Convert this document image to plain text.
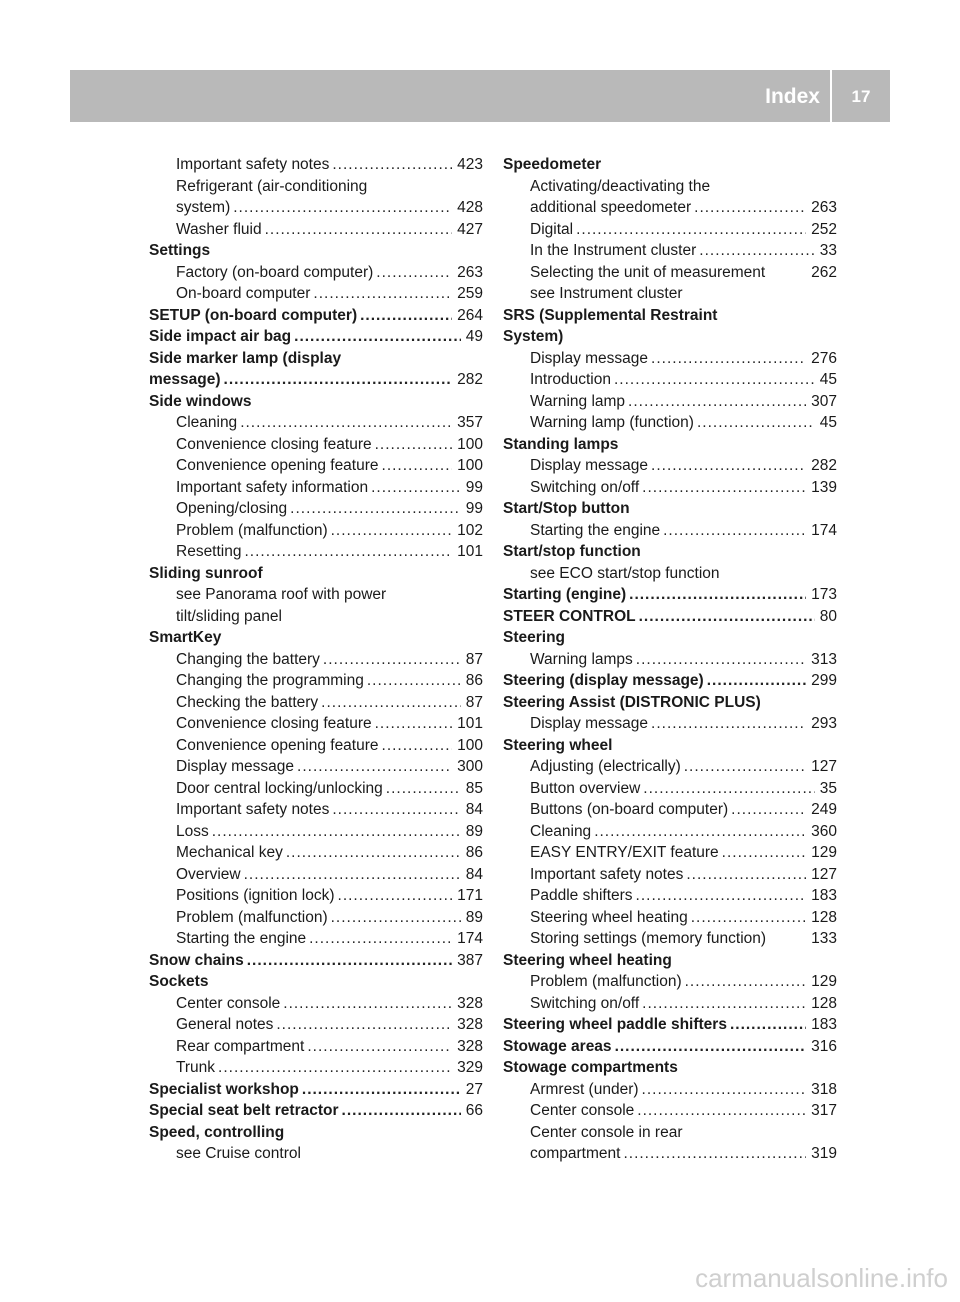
Index	17
Important safety notes .....	423
Refrigerant (air-conditioning
system) .....	428
Washer fluid .....	427
Settings
Factory (on-board computer) .....	263
On-board computer .....	259
SETUP (on-board computer) .....	264
Side impact air bag .....	49
Side marker lamp (display
message) .....	282
Side windows
Cleaning .....	357
Convenience closing feature .....	100
Convenience opening feature .....	100
Important safety information .....	99
Opening/closing .....	99
Problem (malfunction) .....	102
Resetting .....	101
Sliding sunroof
see Panorama roof with power
tilt/sliding panel
SmartKey
Changing the battery .....	87
Changing the programming .....	86
Checking the battery .....	87
Convenience closing feature .....	101
Convenience opening feature .....	100
Display message .....	300
Door central locking/unlocking .....	85
Important safety notes .....	84
Loss .....	89
Mechanical key .....	86
Overview .....	84
Positions (ignition lock) .....	171
Problem (malfunction) .....	89
Starting the engine .....	174
Snow chains .....	387
Sockets
Center console .....	328
General notes .....	328
Rear compartment .....	328
Trunk .....	329
Specialist workshop .....	27
Special seat belt retractor .....	66
Speed, controlling
see Cruise control
Speedometer
Activating/deactivating the
additional speedometer .....	263
Digital .....	252
In the Instrument cluster .....	33
Selecting the unit of measurement	262
see Instrument cluster
SRS (Supplemental Restraint
System)
Display message .....	276
Introduction .....	45
Warning lamp .....	307
Warning lamp (function) .....	45
Standing lamps
Display message .....	282
Switching on/off .....	139
Start/Stop button
Starting the engine .....	174
Start/stop function
see ECO start/stop function
Starting (engine) .....	173
STEER CONTROL .....	80
Steering
Warning lamps .....	313
Steering (display message) .....	299
Steering Assist (DISTRONIC PLUS)
Display message .....	293
Steering wheel
Adjusting (electrically) .....	127
Button overview .....	35
Buttons (on-board computer) .....	249
Cleaning .....	360
EASY ENTRY/EXIT feature .....	129
Important safety notes .....	127
Paddle shifters .....	183
Steering wheel heating .....	128
Storing settings (memory function)	133
Steering wheel heating
Problem (malfunction) .....	129
Switching on/off .....	128
Steering wheel paddle shifters .....	183
Stowage areas .....	316
Stowage compartments
Armrest (under) .....	318
Center console .....	317
Center console in rear
compartment .....	319
carmanualsonline.info
